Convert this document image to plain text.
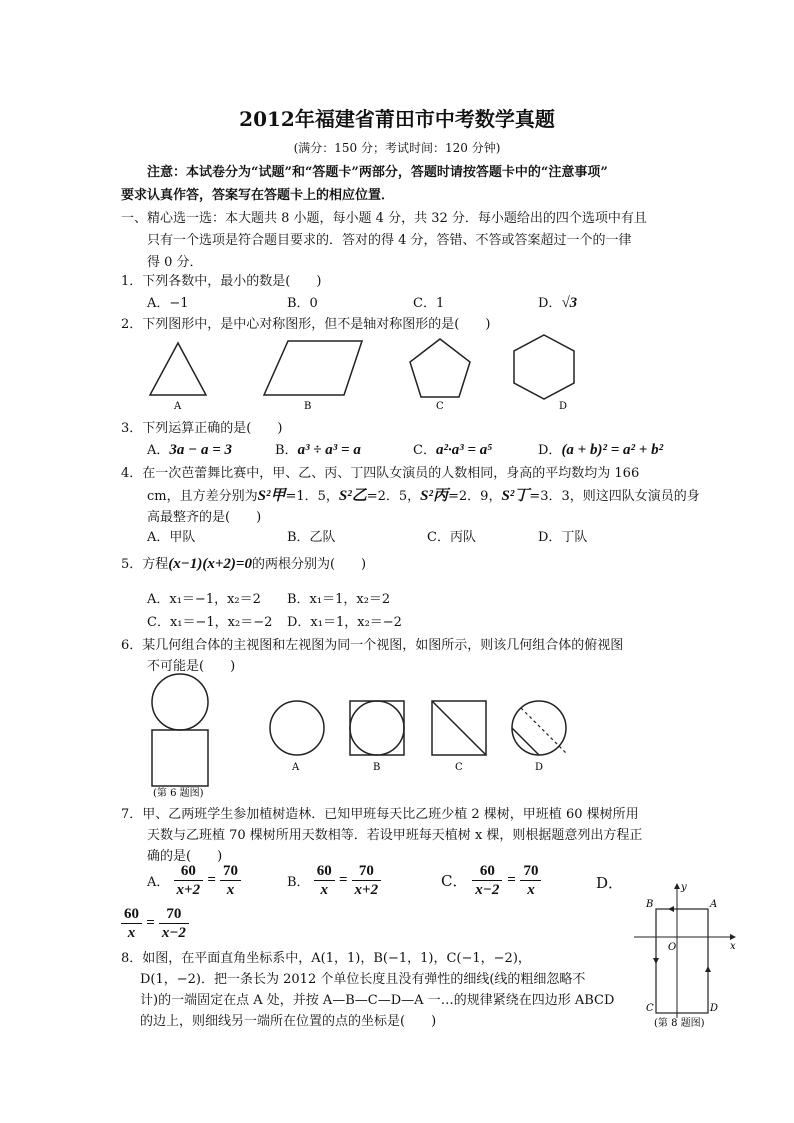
2012年福建省莆田市中考数学真题
(满分：150 分；考试时间：120 分钟)
注意：本试卷分为“试题”和“答题卡”两部分，答题时请按答题卡中的“注意事项”
要求认真作答，答案写在答题卡上的相应位置．
一、精心选一选：本大题共 8 小题，每小题 4 分，共 32 分．每小题给出的四个选项中有且
只有一个选项是符合题目要求的．答对的得 4 分，答错、不答或答案超过一个的一律
得 0 分．
1．下列各数中，最小的数是(　　)
A．−1	B．0	C．1	D．√3
2．下列图形中，是中心对称图形，但不是轴对称图形的是(　　)
A	B	C	D
3．下列运算正确的是(　　)
A．3a − a = 3	B．a³ ÷ a³ = a	C．a²·a³ = a⁵	D．(a + b)² = a² + b²
4．在一次芭蕾舞比赛中，甲、乙、丙、丁四队女演员的人数相同，身高的平均数均为 166
cm，且方差分别为S²甲=1．5，S²乙=2．5，S²丙=2．9，S²丁=3．3，则这四队女演员的身
高最整齐的是(　　)
A．甲队	B．乙队	C．丙队	D．丁队
5．方程(x−1)(x+2)=0的两根分别为(　　)
A．x₁＝−1，x₂＝2 B．x₁＝1，x₂＝2
C．x₁＝−1，x₂＝−2 D．x₁＝1，x₂＝−2
6．某几何组合体的主视图和左视图为同一个视图，如图所示，则该几何组合体的俯视图
不可能是(　　)
(第 6 题图)
A	B	C	D
7．甲、乙两班学生参加植树造林．已知甲班每天比乙班少植 2 棵树，甲班植 60 棵树所用
天数与乙班植 70 棵树所用天数相等．若设甲班每天植树 x 棵，则根据题意列出方程正
确的是(　　)
A． $\frac{60}{x+2} = \frac{70}{x}$	B． $\frac{60}{x} = \frac{70}{x+2}$	C． $\frac{60}{x-2} = \frac{70}{x}$	D．
$\frac{60}{x} = \frac{70}{x-2}$
8．如图，在平面直角坐标系中，A(1，1)，B(−1，1)，C(−1，−2)，
D(1，−2)．把一条长为 2012 个单位长度且没有弹性的细线(线的粗细忽略不
计)的一端固定在点 A 处，并按 A—B—C—D—A 一…的规律紧绕在四边形 ABCD
的边上，则细线另一端所在位置的点的坐标是(　　)
B	A
C	D
O	x
y
(第 8 题图)
